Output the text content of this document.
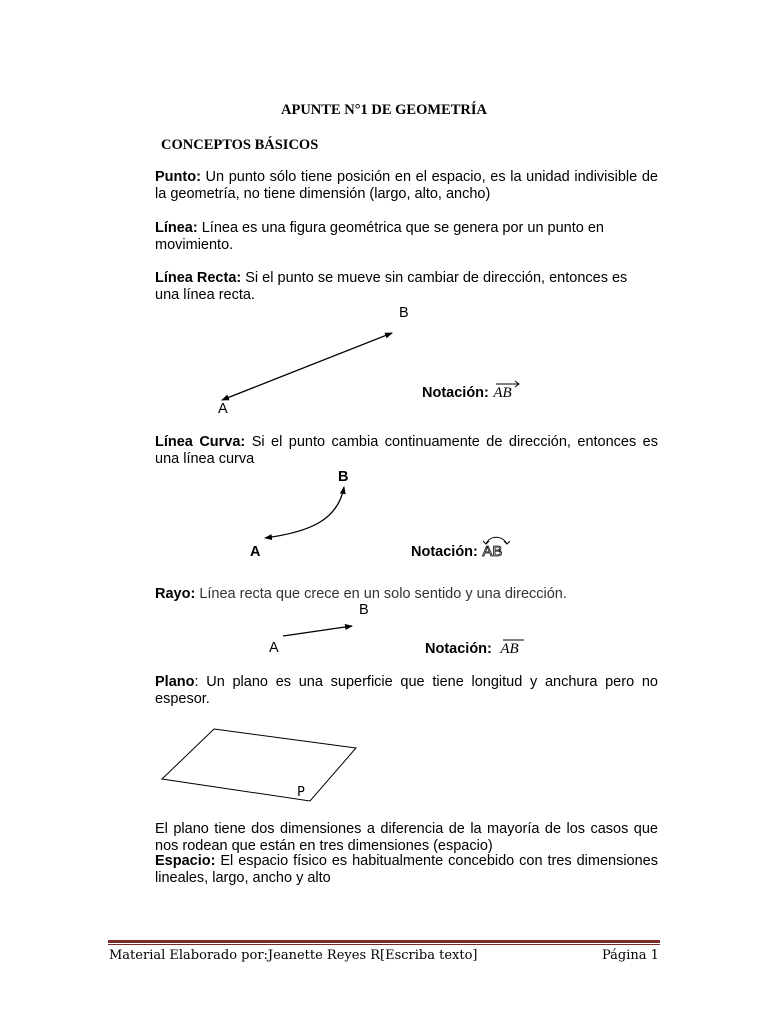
APUNTE N°1 DE GEOMETRÍA
CONCEPTOS BÁSICOS
Punto: Un punto sólo tiene posición en el espacio, es la unidad indivisible de la geometría, no tiene dimensión (largo, alto, ancho)
Línea: Línea es una figura geométrica que se genera por un punto en movimiento.
Línea Recta: Si el punto se mueve sin cambiar de dirección, entonces es una línea recta.
B
A
Notación: AB
Línea Curva: Si el punto cambia continuamente de dirección, entonces es una línea curva
B
A	Notación: AB
Rayo: Línea recta que crece en un solo sentido y una dirección.
B
A	Notación: AB
Plano: Un plano es una superficie que tiene longitud y anchura pero no espesor.
P
El plano tiene dos dimensiones a diferencia de la mayoría de los casos que nos rodean que están en tres dimensiones (espacio)
Espacio: El espacio físico es habitualmente concebido con tres dimensiones lineales, largo, ancho y alto
Material Elaborado por:Jeanette Reyes R[Escriba texto]	Página 1
